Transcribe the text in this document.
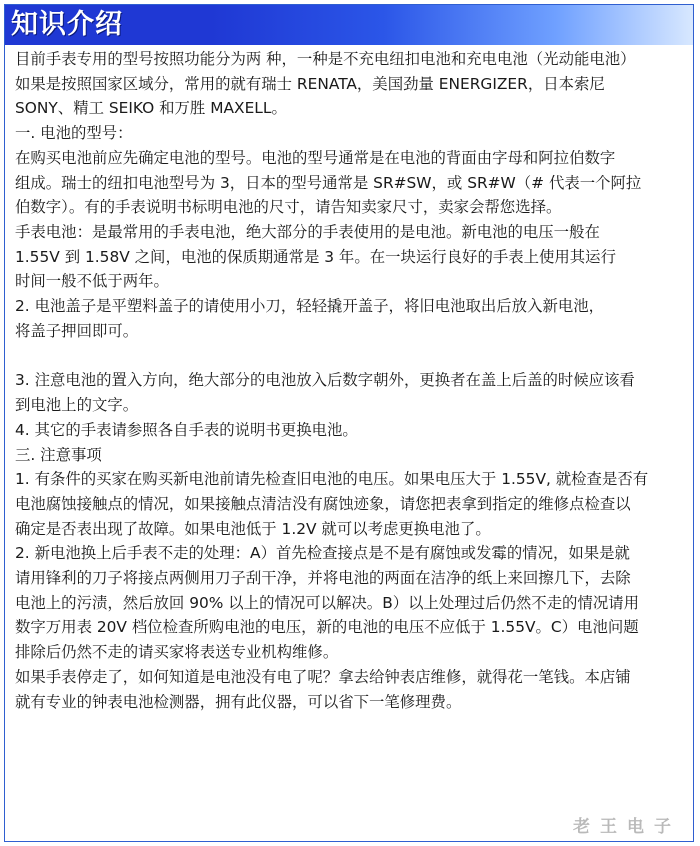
知识介绍

目前手表专用的型号按照功能分为两 种，一种是不充电纽扣电池和充电电池（光动能电池）

如果是按照国家区域分，常用的就有瑞士 RENATA，美国劲量 ENERGIZER，日本索尼

SONY、精工 SEIKO 和万胜 MAXELL。

一. 电池的型号：

在购买电池前应先确定电池的型号。电池的型号通常是在电池的背面由字母和阿拉伯数字

组成。瑞士的纽扣电池型号为 3，日本的型号通常是 SR#SW，或 SR#W（# 代表一个阿拉

伯数字）。有的手表说明书标明电池的尺寸，请告知卖家尺寸，卖家会帮您选择。

手表电池：是最常用的手表电池，绝大部分的手表使用的是电池。新电池的电压一般在

1.55V 到 1.58V 之间，电池的保质期通常是 3 年。在一块运行良好的手表上使用其运行

时间一般不低于两年。

2. 电池盖子是平塑料盖子的请使用小刀，轻轻撬开盖子，将旧电池取出后放入新电池，

将盖子押回即可。

3. 注意电池的置入方向，绝大部分的电池放入后数字朝外，更换者在盖上后盖的时候应该看

到电池上的文字。

4. 其它的手表请参照各自手表的说明书更换电池。

三. 注意事项

1. 有条件的买家在购买新电池前请先检查旧电池的电压。如果电压大于 1.55V, 就检查是否有

电池腐蚀接触点的情况，如果接触点清洁没有腐蚀迹象，请您把表拿到指定的维修点检查以

确定是否表出现了故障。如果电池低于 1.2V 就可以考虑更换电池了。

2. 新电池换上后手表不走的处理：A）首先检查接点是不是有腐蚀或发霉的情况，如果是就

请用锋利的刀子将接点两侧用刀子刮干净，并将电池的两面在洁净的纸上来回擦几下，去除

电池上的污渍，然后放回 90% 以上的情况可以解决。B）以上处理过后仍然不走的情况请用

数字万用表 20V 档位检查所购电池的电压，新的电池的电压不应低于 1.55V。C）电池问题

排除后仍然不走的请买家将表送专业机构维修。

如果手表停走了，如何知道是电池没有电了呢？拿去给钟表店维修，就得花一笔钱。本店铺

就有专业的钟表电池检测器，拥有此仪器，可以省下一笔修理费。

老王电子
